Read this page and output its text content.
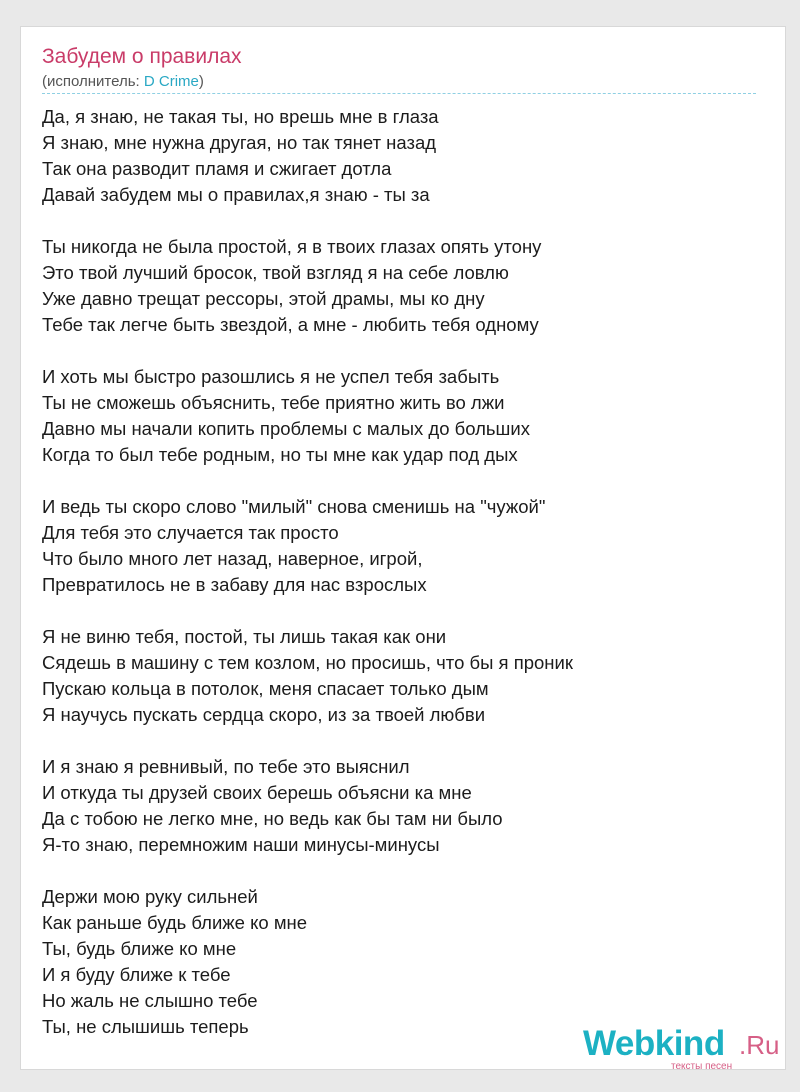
Забудем о правилах
(исполнитель: D Crime)
Да, я знаю, не такая ты, но врешь мне в глаза
Я знаю, мне нужна другая, но так тянет назад
Так она разводит пламя и сжигает дотла
Давай забудем мы о правилах,я знаю - ты за
Ты никогда не была простой, я в твоих глазах опять утону
Это твой лучший бросок, твой взгляд я на себе ловлю
Уже давно трещат рессоры, этой драмы, мы ко дну
Тебе так легче быть звездой, а мне - любить тебя одному
И хоть мы быстро разошлись я не успел тебя забыть
Ты не сможешь объяснить, тебе приятно жить во лжи
Давно мы начали копить проблемы с малых до больших
Когда то был тебе родным, но ты мне как удар под дых
И ведь ты скоро слово "милый" снова сменишь на "чужой"
Для тебя это случается так просто
Что было много лет назад, наверное, игрой,
Превратилось не в забаву для нас взрослых
Я не виню тебя, постой, ты лишь такая как они
Сядешь в машину с тем козлом, но просишь, что бы я проник
Пускаю кольца в потолок, меня спасает только дым
Я научусь пускать сердца скоро, из за твоей любви
И я знаю я ревнивый, по тебе это выяснил
И откуда ты друзей своих берешь объясни ка мне
Да с тобою не легко мне, но ведь как бы там ни было
Я-то знаю, перемножим наши минусы-минусы
Держи мою руку сильней
Как раньше будь ближе ко мне
Ты, будь ближе ко мне
И я буду ближе к тебе
Но жаль не слышно тебе
Ты, не слышишь теперь	Webkind .Ru
тексты песен
